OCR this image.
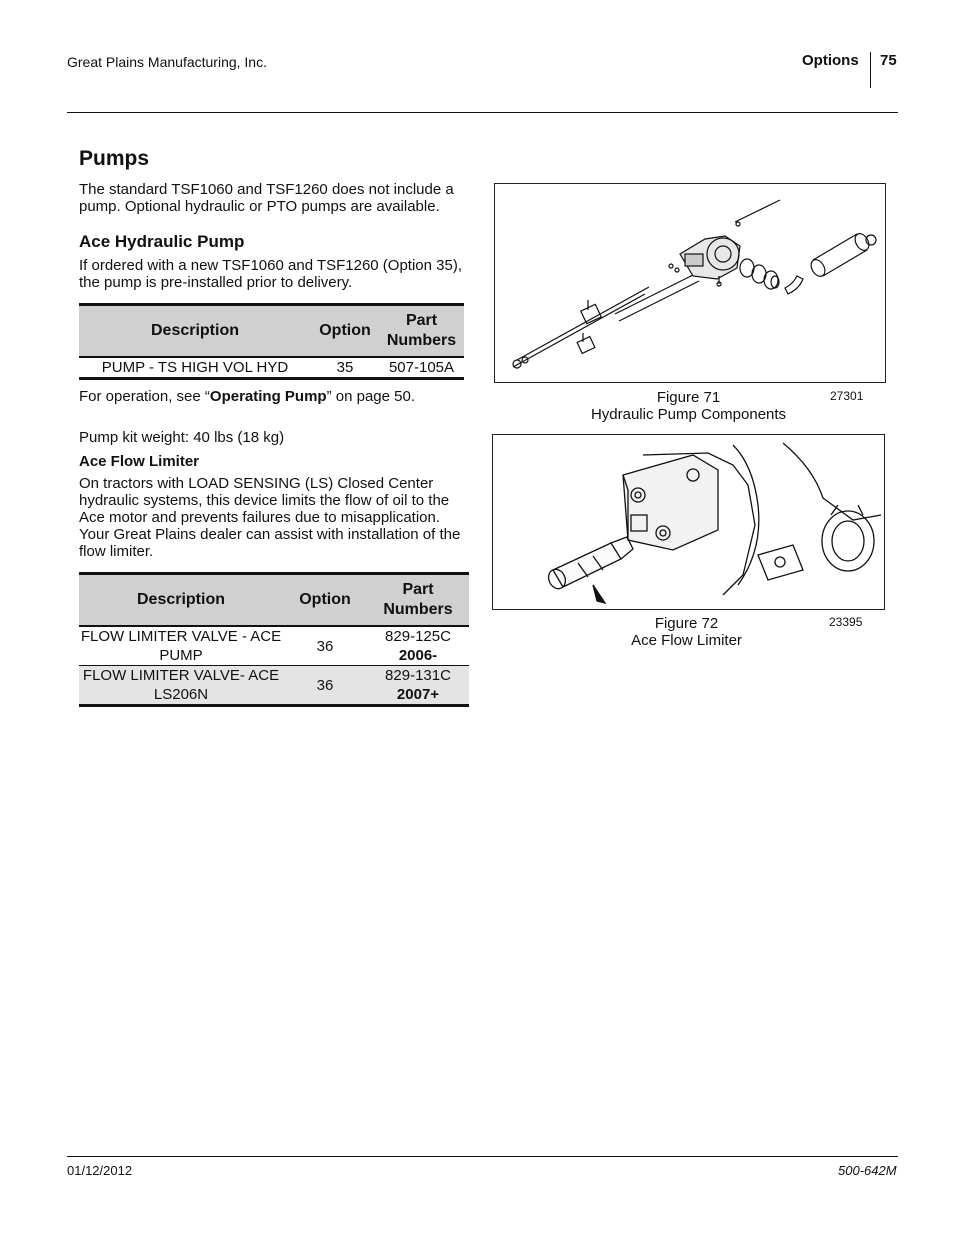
Great Plains Manufacturing, Inc.	Options 75
Pumps

The standard TSF1060 and TSF1260 does not include a pump. Optional hydraulic or PTO pumps are available.

Ace Hydraulic Pump

If ordered with a new TSF1060 and TSF1260 (Option 35), the pump is pre-installed prior to delivery.

Description	Option	Part Numbers
PUMP - TS HIGH VOL HYD	35	507-105A

For operation, see “Operating Pump” on page 50.

Pump kit weight: 40 lbs (18 kg)

Ace Flow Limiter

On tractors with LOAD SENSING (LS) Closed Center hydraulic systems, this device limits the flow of oil to the Ace motor and prevents failures due to misapplication. Your Great Plains dealer can assist with installation of the flow limiter.

Description	Option	Part Numbers
FLOW LIMITER VALVE - ACE PUMP	36	829-125C
2006-

FLOW LIMITER VALVE- ACE LS206N	36	829-131C
2007+
Figure 71
Hydraulic Pump Components
27301
Figure 72
Ace Flow Limiter
23395
01/12/2012	500-642M
